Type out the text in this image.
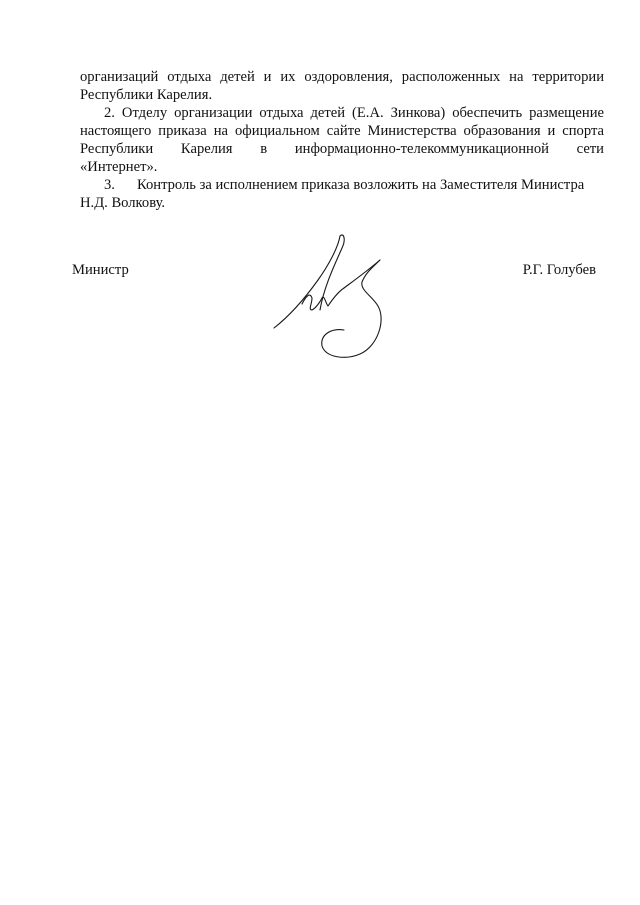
организаций отдыха детей и их оздоровления, расположенных на территории
Республики Карелия.
2. Отделу организации отдыха детей (Е.А. Зинкова) обеспечить размещение
настоящего приказа на официальном сайте Министерства образования и спорта
Республики Карелия в информационно-телекоммуникационной сети
«Интернет».
3. Контроль за исполнением приказа возложить на Заместителя Министра
Н.Д. Волкову.
Министр	Р.Г. Голубев
